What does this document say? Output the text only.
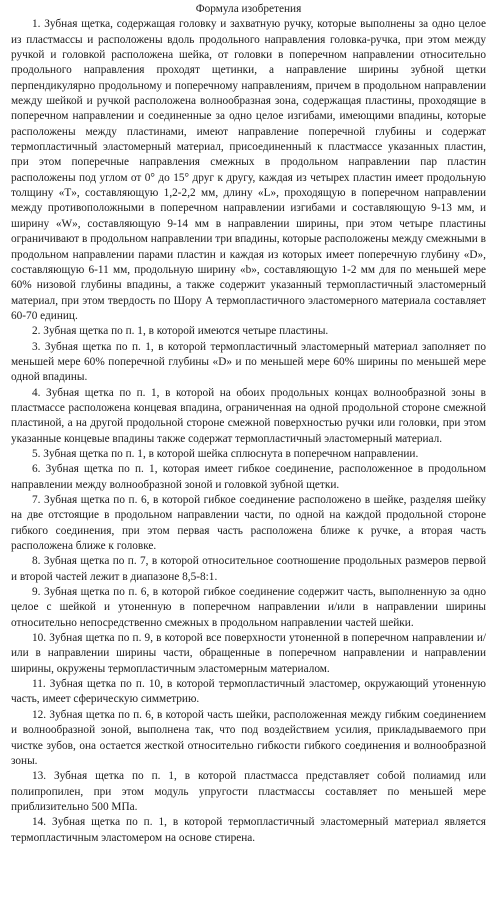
Формула изобретения

1. Зубная щетка, содержащая головку и захватную ручку, которые выполнены за одно целое из пластмассы и расположены вдоль продольного направления головка-ручка, при этом между ручкой и головкой расположена шейка, от головки в поперечном направлении относительно продольного направления проходят щетинки, а направление ширины зубной щетки перпендикулярно продольному и поперечному направлениям, причем в продольном направлении между шейкой и ручкой расположена волнообразная зона, содержащая пластины, проходящие в поперечном направлении и соединенные за одно целое изгибами, имеющими впадины, которые расположены между пластинами, имеют направление поперечной глубины и содержат термопластичный эластомерный материал, присоединенный к пластмассе указанных пластин, при этом поперечные направления смежных в продольном направлении пар пластин расположены под углом от 0° до 15° друг к другу, каждая из четырех пластин имеет продольную толщину «T», составляющую 1,2-2,2 мм, длину «L», проходящую в поперечном направлении между противоположными в поперечном направлении изгибами и составляющую 9-13 мм, и ширину «W», составляющую 9-14 мм в направлении ширины, при этом четыре пластины ограничивают в продольном направлении три впадины, которые расположены между смежными в продольном направлении парами пластин и каждая из которых имеет поперечную глубину «D», составляющую 6-11 мм, продольную ширину «b», составляющую 1-2 мм для по меньшей мере 60% низовой глубины впадины, а также содержит указанный термопластичный эластомерный материал, при этом твердость по Шору А термопластичного эластомерного материала составляет 60-70 единиц.

2. Зубная щетка по п. 1, в которой имеются четыре пластины.

3. Зубная щетка по п. 1, в которой термопластичный эластомерный материал заполняет по меньшей мере 60% поперечной глубины «D» и по меньшей мере 60% ширины по меньшей мере одной впадины.

4. Зубная щетка по п. 1, в которой на обоих продольных концах волнообразной зоны в пластмассе расположена концевая впадина, ограниченная на одной продольной стороне смежной пластиной, а на другой продольной стороне смежной поверхностью ручки или головки, при этом указанные концевые впадины также содержат термопластичный эластомерный материал.

5. Зубная щетка по п. 1, в которой шейка сплюснута в поперечном направлении.

6. Зубная щетка по п. 1, которая имеет гибкое соединение, расположенное в продольном направлении между волнообразной зоной и головкой зубной щетки.

7. Зубная щетка по п. 6, в которой гибкое соединение расположено в шейке, разделяя шейку на две отстоящие в продольном направлении части, по одной на каждой продольной стороне гибкого соединения, при этом первая часть расположена ближе к ручке, а вторая часть расположена ближе к головке.

8. Зубная щетка по п. 7, в которой относительное соотношение продольных размеров первой и второй частей лежит в диапазоне 8,5-8:1.

9. Зубная щетка по п. 6, в которой гибкое соединение содержит часть, выполненную за одно целое с шейкой и утоненную в поперечном направлении и/или в направлении ширины относительно непосредственно смежных в продольном направлении частей шейки.

10. Зубная щетка по п. 9, в которой все поверхности утоненной в поперечном направлении и/или в направлении ширины части, обращенные в поперечном направлении и направлении ширины, окружены термопластичным эластомерным материалом.

11. Зубная щетка по п. 10, в которой термопластичный эластомер, окружающий утоненную часть, имеет сферическую симметрию.

12. Зубная щетка по п. 6, в которой часть шейки, расположенная между гибким соединением и волнообразной зоной, выполнена так, что под воздействием усилия, прикладываемого при чистке зубов, она остается жесткой относительно гибкости гибкого соединения и волнообразной зоны.

13. Зубная щетка по п. 1, в которой пластмасса представляет собой полиамид или полипропилен, при этом модуль упругости пластмассы составляет по меньшей мере приблизительно 500 МПа.

14. Зубная щетка по п. 1, в которой термопластичный эластомерный материал является термопластичным эластомером на основе стирена.
